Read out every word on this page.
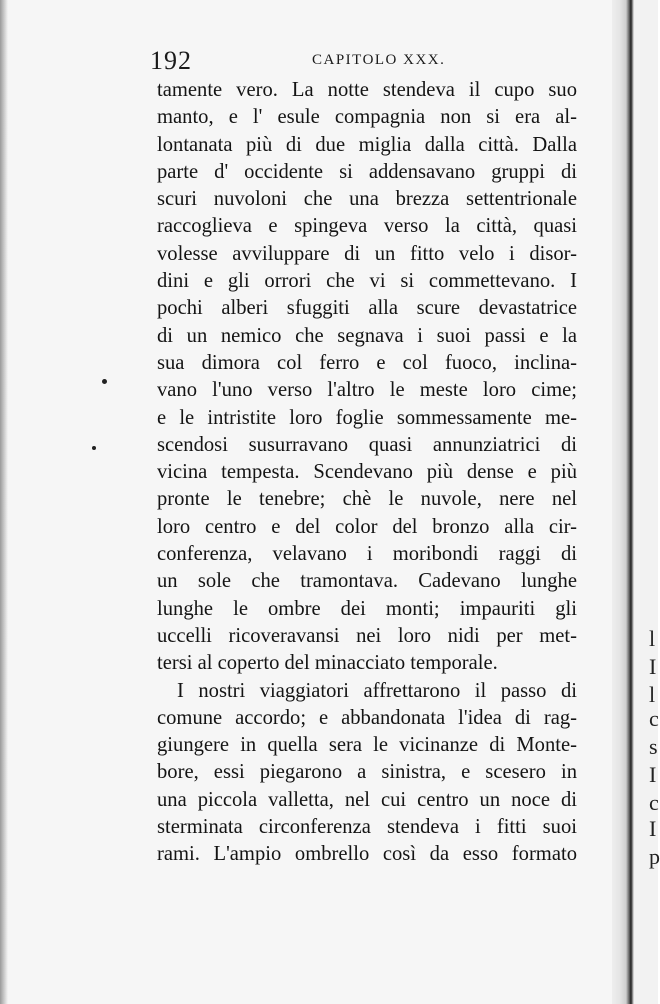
192	CAPITOLO XXX.
tamente vero. La notte stendeva il cupo suo
manto, e l' esule compagnia non si era al-
lontanata più di due miglia dalla città. Dalla
parte d' occidente si addensavano gruppi di
scuri nuvoloni che una brezza settentrionale
raccoglieva e spingeva verso la città, quasi
volesse avviluppare di un fitto velo i disor-
dini e gli orrori che vi si commettevano. I
pochi alberi sfuggiti alla scure devastatrice
di un nemico che segnava i suoi passi e la
sua dimora col ferro e col fuoco, inclina-
vano l'uno verso l'altro le meste loro cime;
e le intristite loro foglie sommessamente me-
scendosi susurravano quasi annunziatrici di
vicina tempesta. Scendevano più dense e più
pronte le tenebre; chè le nuvole, nere nel
loro centro e del color del bronzo alla cir-
conferenza, velavano i moribondi raggi di
un sole che tramontava. Cadevano lunghe
lunghe le ombre dei monti; impauriti gli
uccelli ricoveravansi nei loro nidi per met-
tersi al coperto del minacciato temporale.
I nostri viaggiatori affrettarono il passo di
comune accordo; e abbandonata l'idea di rag-
giungere in quella sera le vicinanze di Monte-
bore, essi piegarono a sinistra, e scesero in
una piccola valletta, nel cui centro un noce di
sterminata circonferenza stendeva i fitti suoi
rami. L'ampio ombrello così da esso formato
l
I
l
c
s
I
c
I
p
